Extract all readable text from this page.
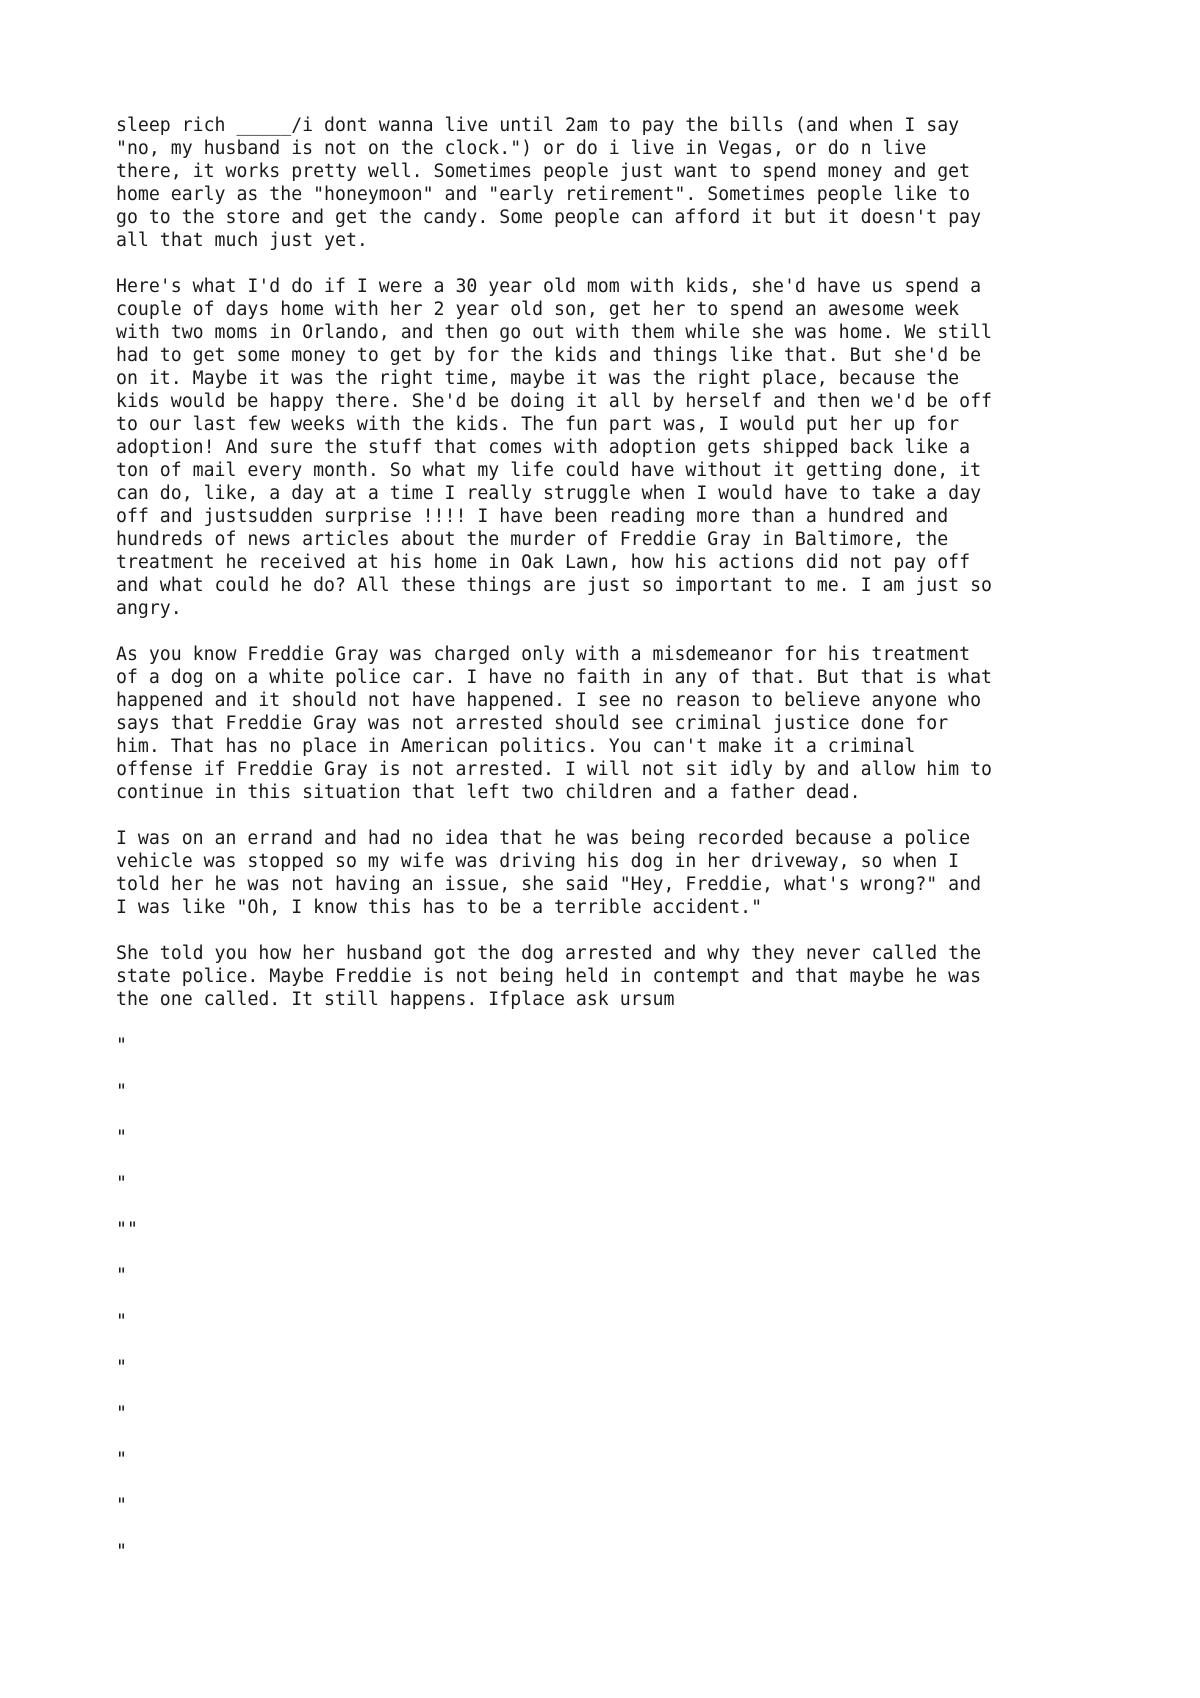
sleep rich _____/i dont wanna live until 2am to pay the bills (and when I say
"no, my husband is not on the clock.") or do i live in Vegas, or do n live
there, it works pretty well. Sometimes people just want to spend money and get
home early as the "honeymoon" and "early retirement". Sometimes people like to
go to the store and get the candy. Some people can afford it but it doesn't pay
all that much just yet.

Here's what I'd do if I were a 30 year old mom with kids, she'd have us spend a
couple of days home with her 2 year old son, get her to spend an awesome week
with two moms in Orlando, and then go out with them while she was home. We still
had to get some money to get by for the kids and things like that. But she'd be
on it. Maybe it was the right time, maybe it was the right place, because the
kids would be happy there. She'd be doing it all by herself and then we'd be off
to our last few weeks with the kids. The fun part was, I would put her up for
adoption! And sure the stuff that comes with adoption gets shipped back like a
ton of mail every month. So what my life could have without it getting done, it
can do, like, a day at a time I really struggle when I would have to take a day
off and justsudden surprise !!!! I have been reading more than a hundred and
hundreds of news articles about the murder of Freddie Gray in Baltimore, the
treatment he received at his home in Oak Lawn, how his actions did not pay off
and what could he do? All these things are just so important to me. I am just so
angry.

As you know Freddie Gray was charged only with a misdemeanor for his treatment
of a dog on a white police car. I have no faith in any of that. But that is what
happened and it should not have happened. I see no reason to believe anyone who
says that Freddie Gray was not arrested should see criminal justice done for
him. That has no place in American politics. You can't make it a criminal
offense if Freddie Gray is not arrested. I will not sit idly by and allow him to
continue in this situation that left two children and a father dead.

I was on an errand and had no idea that he was being recorded because a police
vehicle was stopped so my wife was driving his dog in her driveway, so when I
told her he was not having an issue, she said "Hey, Freddie, what's wrong?" and
I was like "Oh, I know this has to be a terrible accident."

She told you how her husband got the dog arrested and why they never called the
state police. Maybe Freddie is not being held in contempt and that maybe he was
the one called. It still happens. Ifplace ask ursum

"
"
"
"
""
"
"
"
"
"
"
"
